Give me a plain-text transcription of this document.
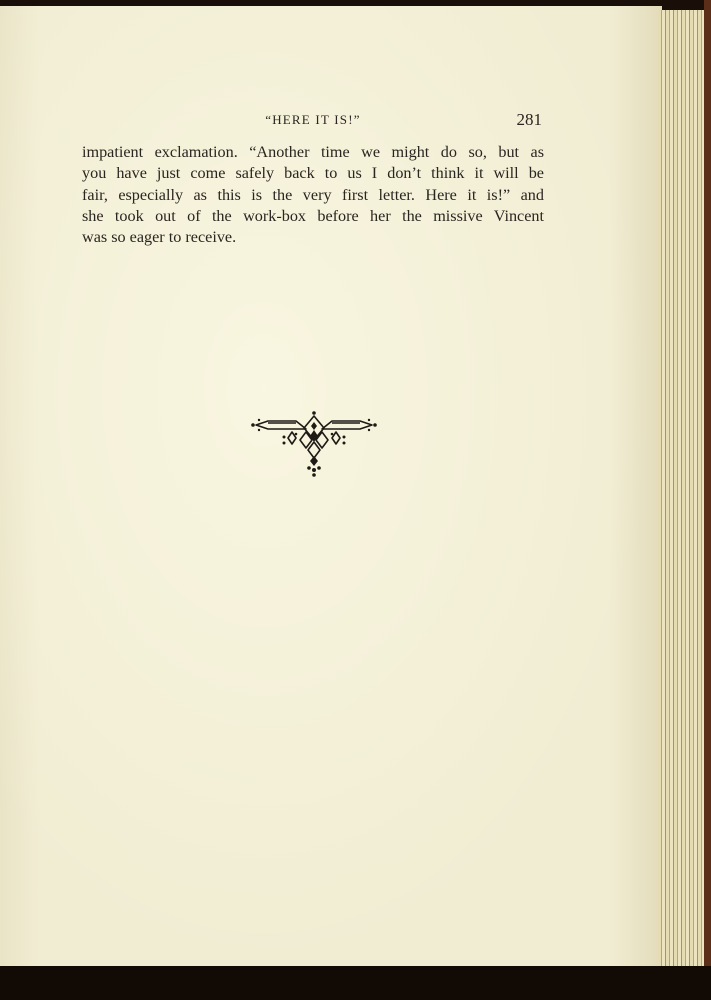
“HERE IT IS!”	281
impatient exclamation. “Another time we might do so, but as
you have just come safely back to us I don’t think it will be
fair, especially as this is the very first letter. Here it is!” and
she took out of the work-box before her the missive Vincent
was so eager to receive.
